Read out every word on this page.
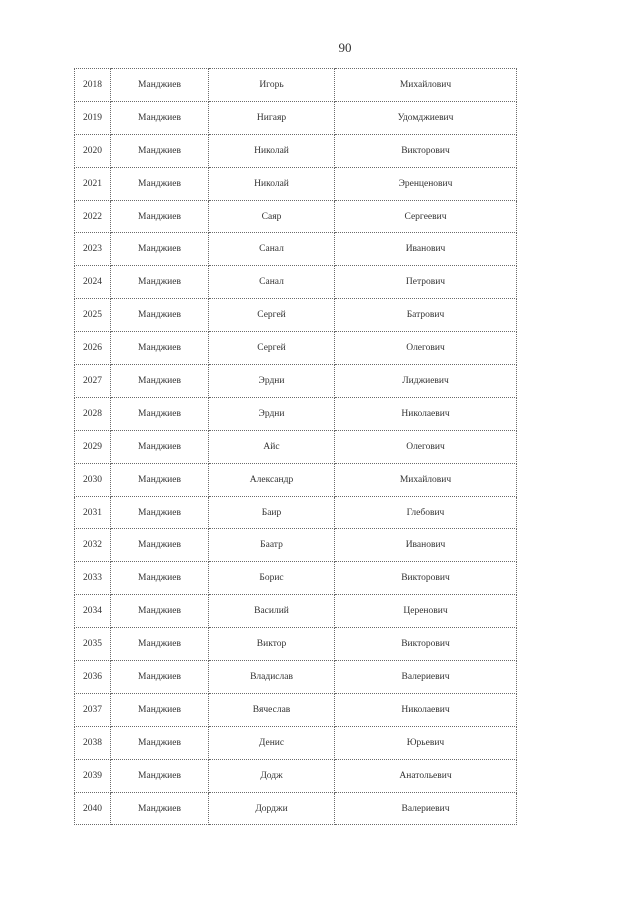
90
2018	Манджиев	Игорь	Михайлович
2019	Манджиев	Нигаяр	Удомджиевич
2020	Манджиев	Николай	Викторович
2021	Манджиев	Николай	Эренценович
2022	Манджиев	Саяр	Сергеевич
2023	Манджиев	Санал	Иванович
2024	Манджиев	Санал	Петрович
2025	Манджиев	Сергей	Батрович
2026	Манджиев	Сергей	Олегович
2027	Манджиев	Эрдни	Лиджиевич
2028	Манджиев	Эрдни	Николаевич
2029	Манджиев	Айс	Олегович
2030	Манджиев	Александр	Михайлович
2031	Манджиев	Баир	Глебович
2032	Манджиев	Баатр	Иванович
2033	Манджиев	Борис	Викторович
2034	Манджиев	Василий	Церенович
2035	Манджиев	Виктор	Викторович
2036	Манджиев	Владислав	Валериевич
2037	Манджиев	Вячеслав	Николаевич
2038	Манджиев	Денис	Юрьевич
2039	Манджиев	Додж	Анатольевич
2040	Манджиев	Дорджи	Валериевич
